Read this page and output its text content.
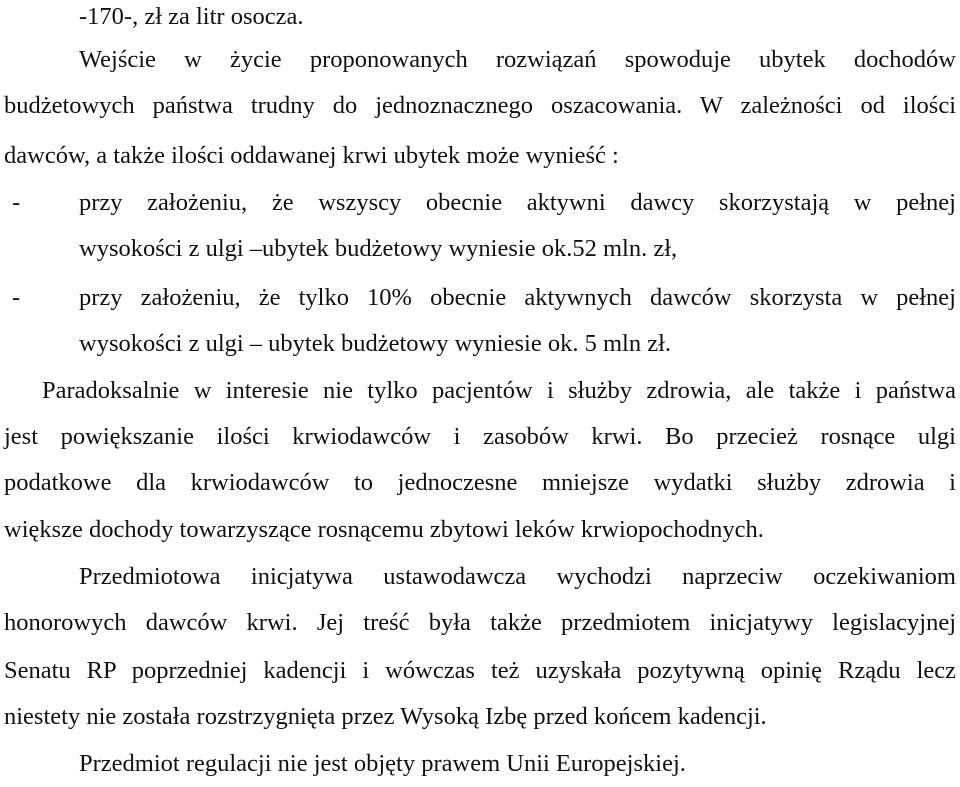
-170-, zł za litr osocza.
Wejście w życie proponowanych rozwiązań spowoduje ubytek dochodów
budżetowych państwa trudny do jednoznacznego oszacowania. W zależności od ilości
dawców, a także ilości oddawanej krwi ubytek może wynieść :
- przy założeniu, że wszyscy obecnie aktywni dawcy skorzystają w pełnej
wysokości z ulgi –ubytek budżetowy wyniesie ok.52 mln. zł,
- przy założeniu, że tylko 10% obecnie aktywnych dawców skorzysta w pełnej
wysokości z ulgi – ubytek budżetowy wyniesie ok. 5 mln zł.
Paradoksalnie w interesie nie tylko pacjentów i służby zdrowia, ale także i państwa
jest powiększanie ilości krwiodawców i zasobów krwi. Bo przecież rosnące ulgi
podatkowe dla krwiodawców to jednoczesne mniejsze wydatki służby zdrowia i
większe dochody towarzyszące rosnącemu zbytowi leków krwiopochodnych.
Przedmiotowa inicjatywa ustawodawcza wychodzi naprzeciw oczekiwaniom
honorowych dawców krwi. Jej treść była także przedmiotem inicjatywy legislacyjnej
Senatu RP poprzedniej kadencji i wówczas też uzyskała pozytywną opinię Rządu lecz
niestety nie została rozstrzygnięta przez Wysoką Izbę przed końcem kadencji.
Przedmiot regulacji nie jest objęty prawem Unii Europejskiej.
